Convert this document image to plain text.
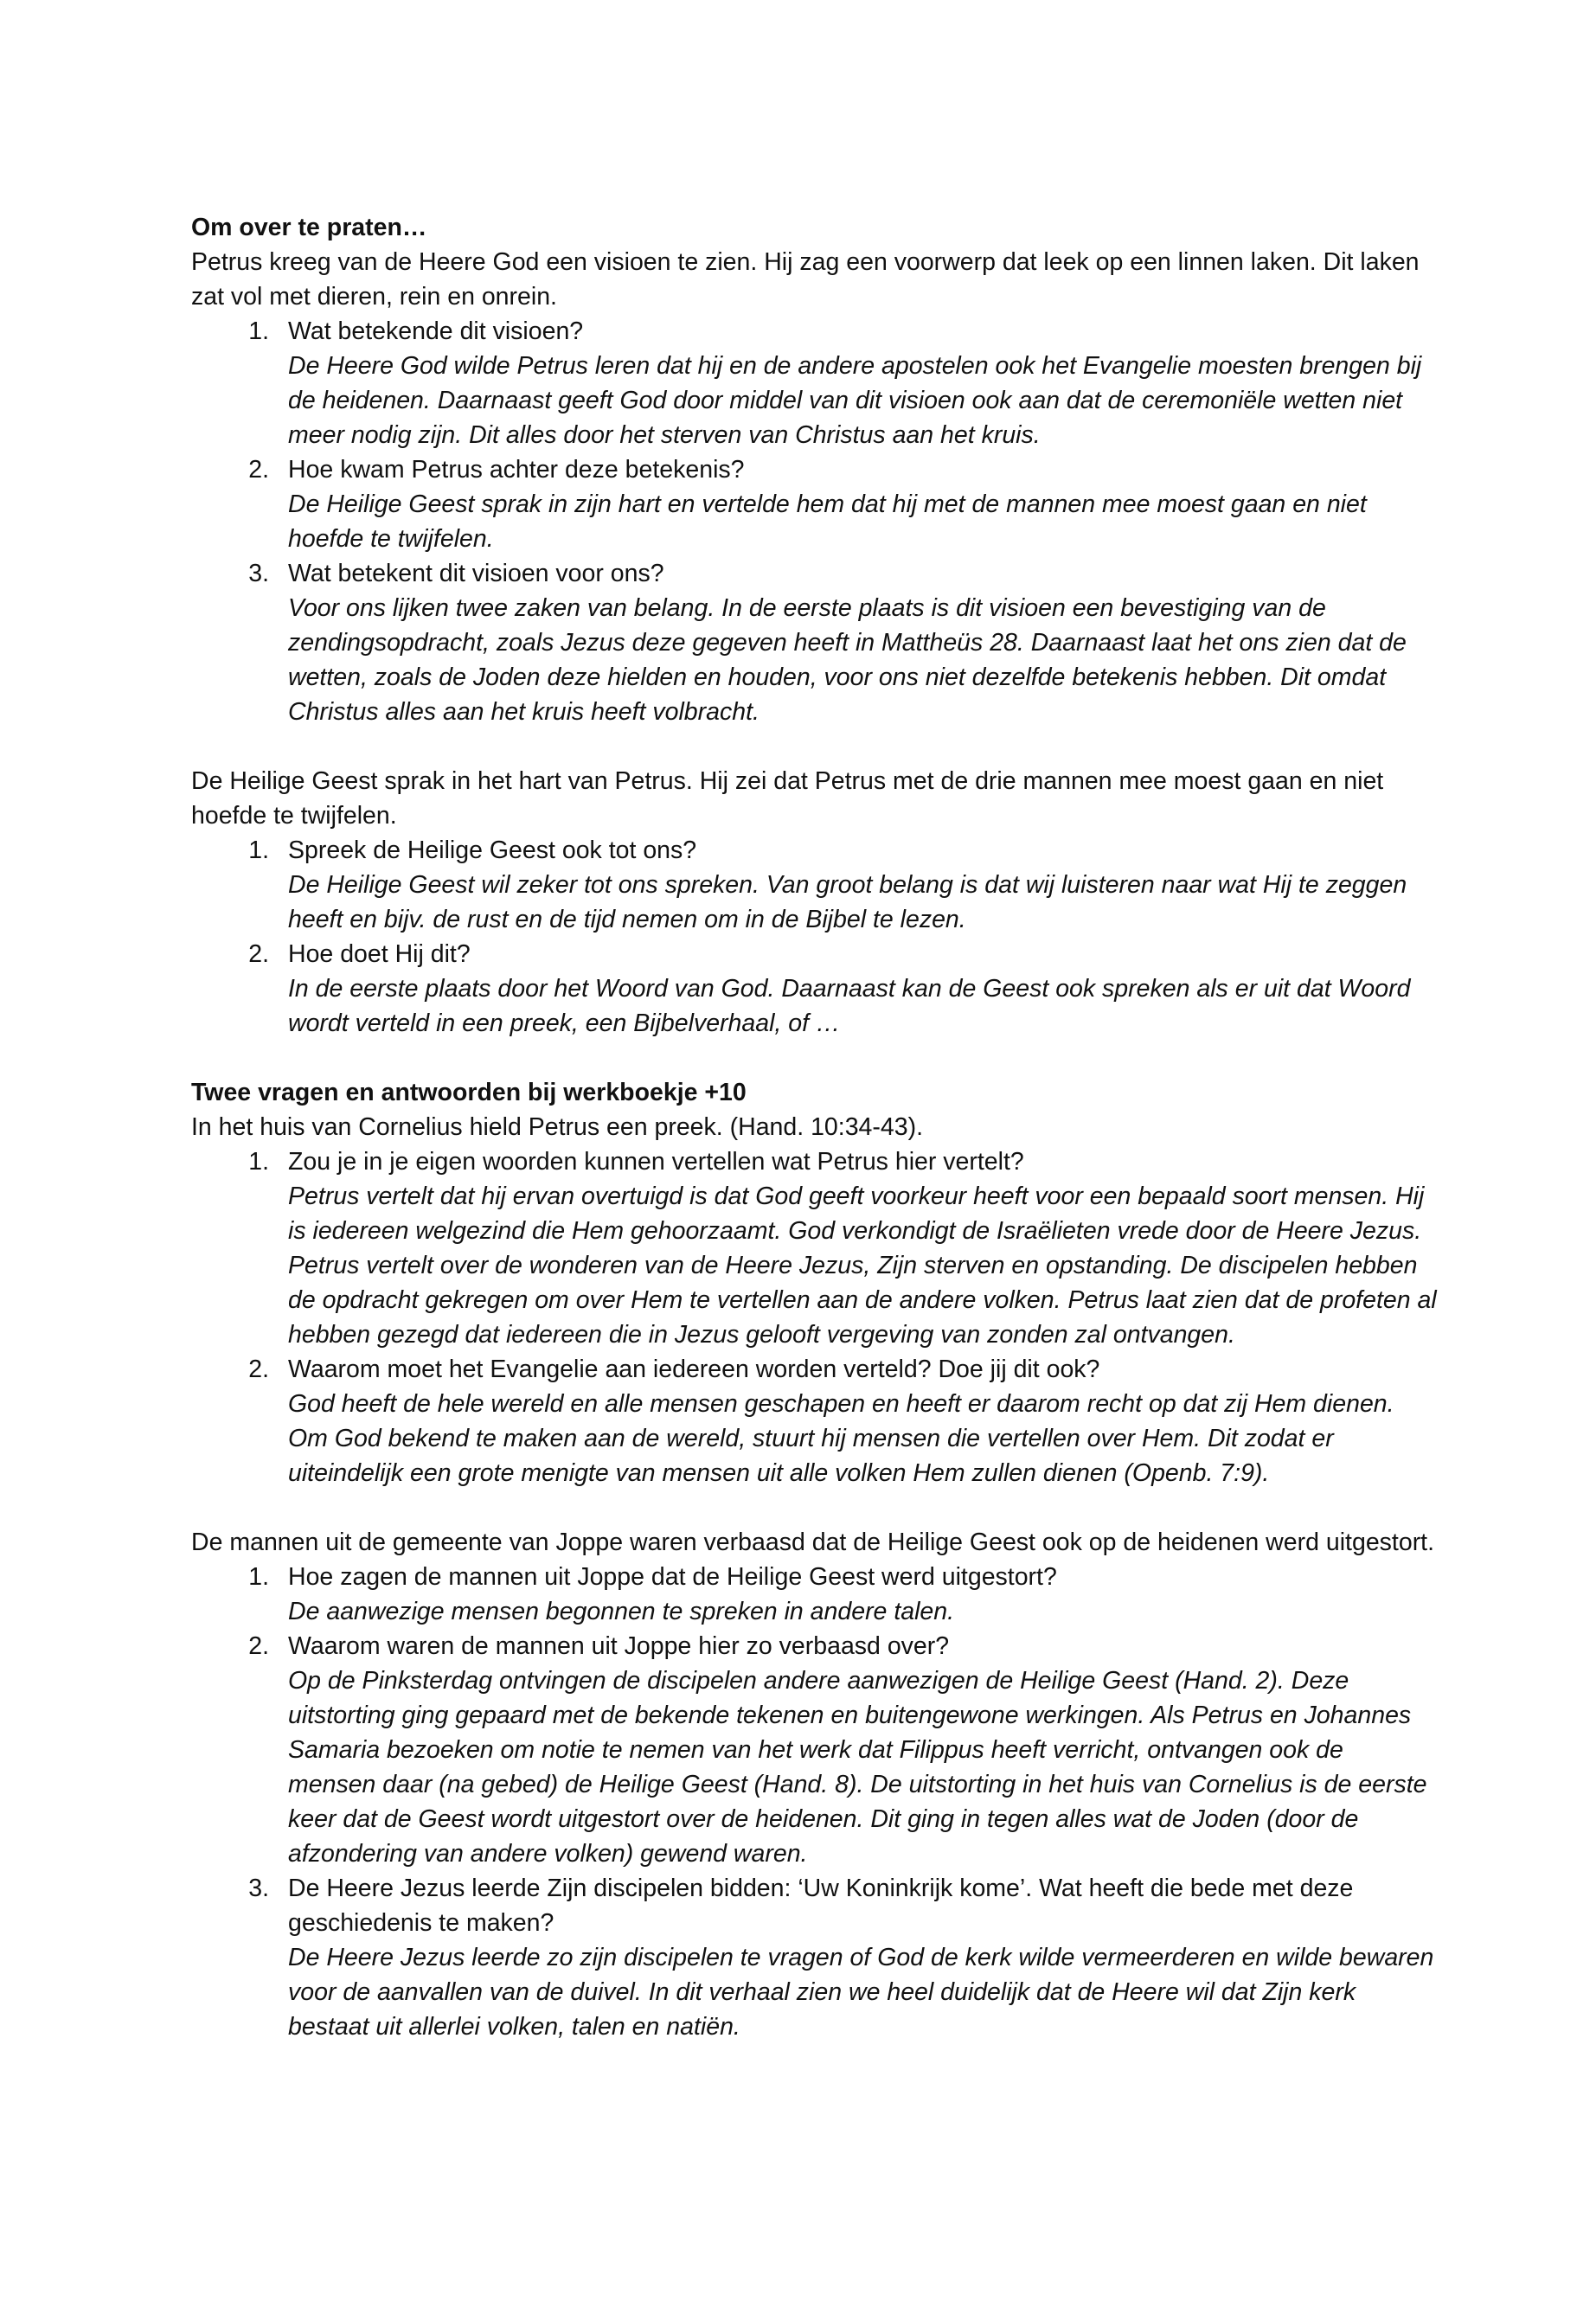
Om over te praten…

Petrus kreeg van de Heere God een visioen te zien. Hij zag een voorwerp dat leek op een linnen laken. Dit laken zat vol met dieren, rein en onrein.

1. Wat betekende dit visioen?

De Heere God wilde Petrus leren dat hij en de andere apostelen ook het Evangelie moesten brengen bij de heidenen. Daarnaast geeft God door middel van dit visioen ook aan dat de ceremoniële wetten niet meer nodig zijn. Dit alles door het sterven van Christus aan het kruis.

2. Hoe kwam Petrus achter deze betekenis?

De Heilige Geest sprak in zijn hart en vertelde hem dat hij met de mannen mee moest gaan en niet hoefde te twijfelen.

3. Wat betekent dit visioen voor ons?

Voor ons lijken twee zaken van belang. In de eerste plaats is dit visioen een bevestiging van de zendingsopdracht, zoals Jezus deze gegeven heeft in Mattheüs 28. Daarnaast laat het ons zien dat de wetten, zoals de Joden deze hielden en houden, voor ons niet dezelfde betekenis hebben. Dit omdat Christus alles aan het kruis heeft volbracht.

De Heilige Geest sprak in het hart van Petrus. Hij zei dat Petrus met de drie mannen mee moest gaan en niet hoefde te twijfelen.

1. Spreek de Heilige Geest ook tot ons?

De Heilige Geest wil zeker tot ons spreken. Van groot belang is dat wij luisteren naar wat Hij te zeggen heeft en bijv. de rust en de tijd nemen om in de Bijbel te lezen.

2. Hoe doet Hij dit?

In de eerste plaats door het Woord van God. Daarnaast kan de Geest ook spreken als er uit dat Woord wordt verteld in een preek, een Bijbelverhaal, of …

Twee vragen en antwoorden bij werkboekje +10

In het huis van Cornelius hield Petrus een preek. (Hand. 10:34-43).

1. Zou je in je eigen woorden kunnen vertellen wat Petrus hier vertelt?

Petrus vertelt dat hij ervan overtuigd is dat God geeft voorkeur heeft voor een bepaald soort mensen. Hij is iedereen welgezind die Hem gehoorzaamt. God verkondigt de Israëlieten vrede door de Heere Jezus. Petrus vertelt over de wonderen van de Heere Jezus, Zijn sterven en opstanding. De discipelen hebben de opdracht gekregen om over Hem te vertellen aan de andere volken. Petrus laat zien dat de profeten al hebben gezegd dat iedereen die in Jezus gelooft vergeving van zonden zal ontvangen.

2. Waarom moet het Evangelie aan iedereen worden verteld? Doe jij dit ook?

God heeft de hele wereld en alle mensen geschapen en heeft er daarom recht op dat zij Hem dienen. Om God bekend te maken aan de wereld, stuurt hij mensen die vertellen over Hem. Dit zodat er uiteindelijk een grote menigte van mensen uit alle volken Hem zullen dienen (Openb. 7:9).

De mannen uit de gemeente van Joppe waren verbaasd dat de Heilige Geest ook op de heidenen werd uitgestort.

1. Hoe zagen de mannen uit Joppe dat de Heilige Geest werd uitgestort?

De aanwezige mensen begonnen te spreken in andere talen.

2. Waarom waren de mannen uit Joppe hier zo verbaasd over?

Op de Pinksterdag ontvingen de discipelen andere aanwezigen de Heilige Geest (Hand. 2). Deze uitstorting ging gepaard met de bekende tekenen en buitengewone werkingen. Als Petrus en Johannes Samaria bezoeken om notie te nemen van het werk dat Filippus heeft verricht, ontvangen ook de mensen daar (na gebed) de Heilige Geest (Hand. 8). De uitstorting in het huis van Cornelius is de eerste keer dat de Geest wordt uitgestort over de heidenen. Dit ging in tegen alles wat de Joden (door de afzondering van andere volken) gewend waren.

3. De Heere Jezus leerde Zijn discipelen bidden: ‘Uw Koninkrijk kome’. Wat heeft die bede met deze geschiedenis te maken?

De Heere Jezus leerde zo zijn discipelen te vragen of God de kerk wilde vermeerderen en wilde bewaren voor de aanvallen van de duivel. In dit verhaal zien we heel duidelijk dat de Heere wil dat Zijn kerk bestaat uit allerlei volken, talen en natiën.
